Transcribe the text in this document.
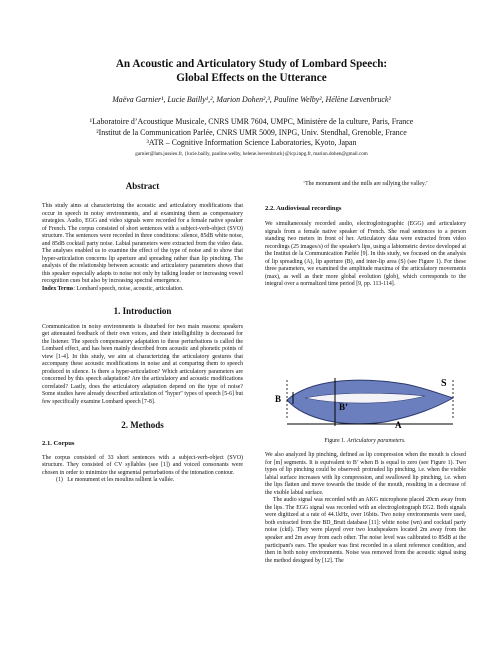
An Acoustic and Articulatory Study of Lombard Speech:
Global Effects on the Utterance
Maëva Garnier¹, Lucie Bailly¹,², Marion Dohen²,³, Pauline Welby², Hélène Lœvenbruck²
¹Laboratoire d’Acoustique Musicale, CNRS UMR 7604, UMPC, Ministère de la culture, Paris, France
²Institut de la Communication Parlée, CNRS UMR 5009, INPG, Univ. Stendhal, Grenoble, France
³ATR – Cognitive Information Science Laboratories, Kyoto, Japan
garnier@lam.jussieu.fr, {lucie.bailly, pauline.welby, helene.loevenbruck}@icp.inpg.fr, marion.dohen@gmail.com
Abstract
This study aims at characterizing the acoustic and articulatory modifications that occur in speech in noisy environments, and at examining them as compensatory strategies. Audio, EGG and video signals were recorded for a female native speaker of French. The corpus consisted of short sentences with a subject-verb-object (SVO) structure. The sentences were recorded in three conditions: silence, 85dB white noise, and 85dB cocktail party noise. Labial parameters were extracted from the video data. The analyses enabled us to examine the effect of the type of noise and to show that hyper-articulation concerns lip aperture and spreading rather than lip pinching. The analysis of the relationship between acoustic and articulatory parameters shows that this speaker especially adapts to noise not only by talking louder or increasing vowel recognition cues but also by increasing spectral emergence.
Index Terms: Lombard speech, noise, acoustic, articulation.
1. Introduction
Communication in noisy environments is disturbed for two main reasons: speakers get attenuated feedback of their own voices, and their intelligibility is decreased for the listener. The speech compensatory adaptation to these perturbations is called the Lombard effect, and has been mainly described from acoustic and phonetic points of view [1-4]. In this study, we aim at characterizing the articulatory gestures that accompany these acoustic modifications in noise and at comparing them to speech produced in silence. Is there a hyper-articulation? Which articulatory parameters are concerned by this speech adaptation? Are the articulatory and acoustic modifications correlated? Lastly, does the articulatory adaptation depend on the type of noise? Some studies have already described articulation of "hyper" types of speech [5-6] but few specifically examine Lombard speech [7-8].
2. Methods
2.1. Corpus
The corpus consisted of 33 short sentences with a subject-verb-object (SVO) structure. They consisted of CV syllables (see [1]) and voiced consonants were chosen in order to minimize the segmental perturbations of the intonation contour.
(1) Le monument et les moulins rallient la vallée.
‘The monument and the mills are rallying the valley.’
2.2. Audiovisual recordings
We simultaneously recorded audio, electroglottographic (EGG) and articulatory signals from a female native speaker of French. She read sentences to a person standing two meters in front of her. Articulatory data were extracted from video recordings (25 images/s) of the speaker's lips, using a labiometric device developed at the Institut de la Communication Parlée [9]. In this study, we focused on the analysis of lip spreading (A), lip aperture (B), and inter-lip area (S) (see Figure 1). For these three parameters, we examined the amplitude maxima of the articulatory movements (max), as well as their more global evolution (glob), which corresponds to the integral over a normalized time period [9, pp. 113-114].
B
B’
A
S
Figure 1. Articulatory parameters.
We also analyzed lip pinching, defined as lip compression when the mouth is closed for [m] segments. It is equivalent to B’ when B is equal to zero (see Figure 1). Two types of lip pinching could be observed: protruded lip pinching, i.e. when the visible labial surface increases with lip compression, and swallowed lip pinching, i.e. when the lips flatten and move towards the inside of the mouth, resulting in a decrease of the visible labial surface.
The audio signal was recorded with an AKG microphone placed 20cm away from the lips. The EGG signal was recorded with an electroglottograph EG2. Both signals were digitized at a rate of 44.1kHz, over 16bits. Two noisy environments were used, both extracted from the BD_Bruit database [11]: white noise (wn) and cocktail party noise (cktl). They were played over two loudspeakers located 2m away from the speaker and 2m away from each other. The noise level was calibrated to 85dB at the participant's ears. The speaker was first recorded in a silent reference condition, and then in both noisy environments. Noise was removed from the acoustic signal using the method designed by [12]. The
